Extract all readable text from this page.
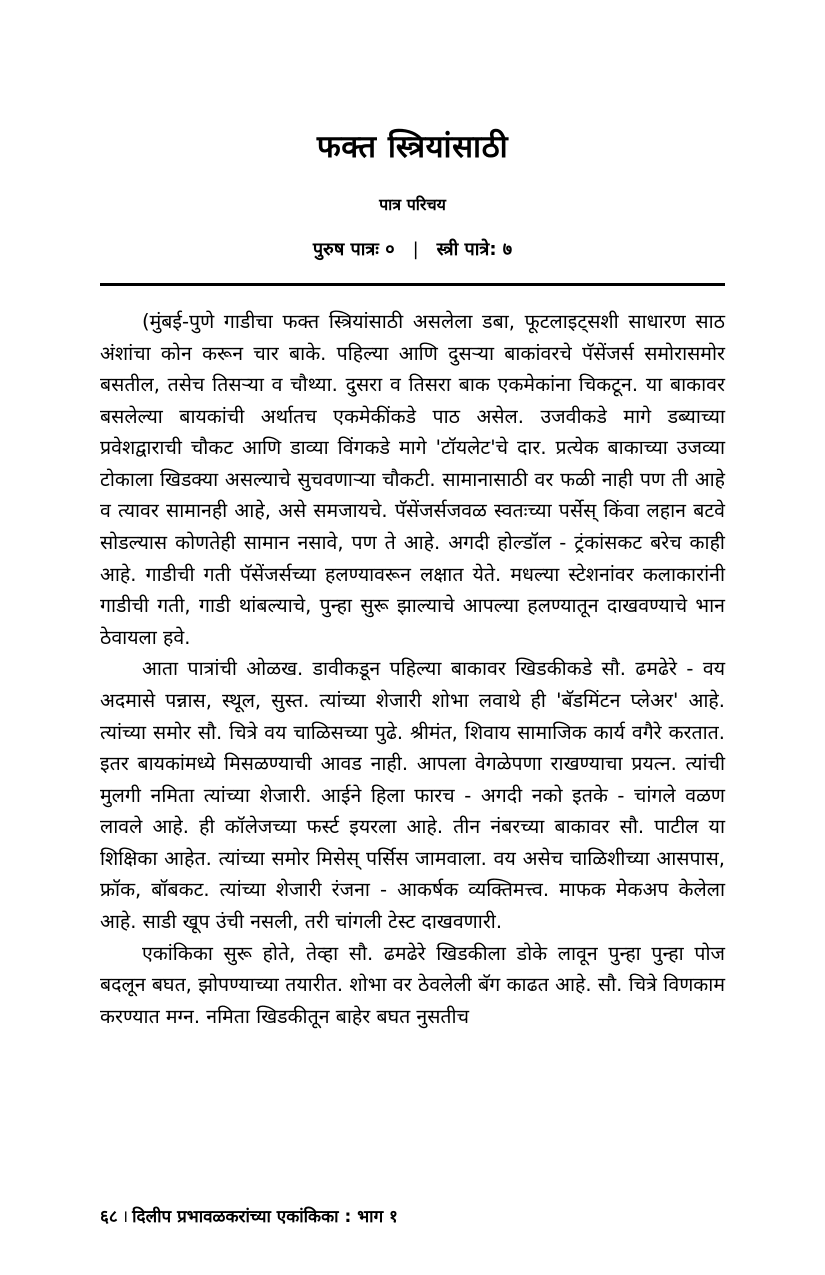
फक्त स्त्रियांसाठी
पात्र परिचय
पुरुष पात्रः ० | स्त्री पात्रे: ७

(मुंबई-पुणे गाडीचा फक्त स्त्रियांसाठी असलेला डबा, फूटलाइट्सशी साधारण साठ अंशांचा कोन करून चार बाके. पहिल्या आणि दुसऱ्या बाकांवरचे पॅसेंजर्स समोरासमोर बसतील, तसेच तिसऱ्या व चौथ्या. दुसरा व तिसरा बाक एकमेकांना चिकटून. या बाकावर बसलेल्या बायकांची अर्थातच एकमेकींकडे पाठ असेल. उजवीकडे मागे डब्याच्या प्रवेशद्वाराची चौकट आणि डाव्या विंगकडे मागे 'टॉयलेट'चे दार. प्रत्येक बाकाच्या उजव्या टोकाला खिडक्या असल्याचे सुचवणाऱ्या चौकटी. सामानासाठी वर फळी नाही पण ती आहे व त्यावर सामानही आहे, असे समजायचे. पॅसेंजर्सजवळ स्वतःच्या पर्सेस् किंवा लहान बटवे सोडल्यास कोणतेही सामान नसावे, पण ते आहे. अगदी होल्डॉल - ट्रंकांसकट बरेच काही आहे. गाडीची गती पॅसेंजर्सच्या हलण्यावरून लक्षात येते. मधल्या स्टेशनांवर कलाकारांनी गाडीची गती, गाडी थांबल्याचे, पुन्हा सुरू झाल्याचे आपल्या हलण्यातून दाखवण्याचे भान ठेवायला हवे.

आता पात्रांची ओळख. डावीकडून पहिल्या बाकावर खिडकीकडे सौ. ढमढेरे - वय अदमासे पन्नास, स्थूल, सुस्त. त्यांच्या शेजारी शोभा लवाथे ही 'बॅडमिंटन प्लेअर' आहे. त्यांच्या समोर सौ. चित्रे वय चाळिसच्या पुढे. श्रीमंत, शिवाय सामाजिक कार्य वगैरे करतात. इतर बायकांमध्ये मिसळण्याची आवड नाही. आपला वेगळेपणा राखण्याचा प्रयत्न. त्यांची मुलगी नमिता त्यांच्या शेजारी. आईने हिला फारच - अगदी नको इतके - चांगले वळण लावले आहे. ही कॉलेजच्या फर्स्ट इयरला आहे. तीन नंबरच्या बाकावर सौ. पाटील या शिक्षिका आहेत. त्यांच्या समोर मिसेस् पर्सिस जामवाला. वय असेच चाळिशीच्या आसपास, फ्रॉक, बॉबकट. त्यांच्या शेजारी रंजना - आकर्षक व्यक्तिमत्त्व. माफक मेकअप केलेला आहे. साडी खूप उंची नसली, तरी चांगली टेस्ट दाखवणारी.

एकांकिका सुरू होते, तेव्हा सौ. ढमढेरे खिडकीला डोके लावून पुन्हा पुन्हा पोज बदलून बघत, झोपण्याच्या तयारीत. शोभा वर ठेवलेली बॅग काढत आहे. सौ. चित्रे विणकाम करण्यात मग्न. नमिता खिडकीतून बाहेर बघत नुसतीच

६८ । दिलीप प्रभावळकरांच्या एकांकिका : भाग १
